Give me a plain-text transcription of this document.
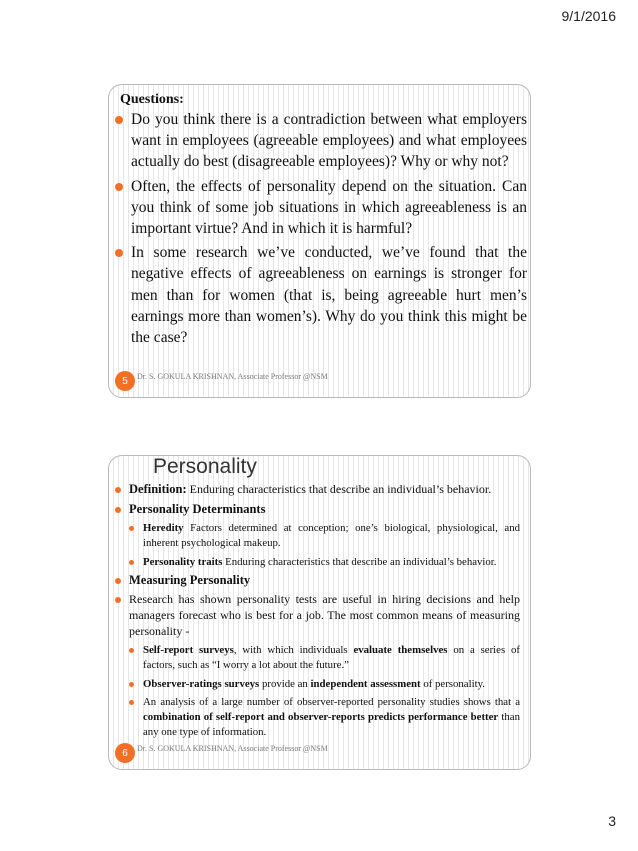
9/1/2016
Questions:
Do you think there is a contradiction between what employers want in employees (agreeable employees) and what employees actually do best (disagreeable employees)? Why or why not?
Often, the effects of personality depend on the situation. Can you think of some job situations in which agreeableness is an important virtue? And in which it is harmful?
In some research we’ve conducted, we’ve found that the negative effects of agreeableness on earnings is stronger for men than for women (that is, being agreeable hurt men’s earnings more than women’s). Why do you think this might be the case?
Dr. S. GOKULA KRISHNAN, Associate Professor @NSM
5
Personality
Definition: Enduring characteristics that describe an individual’s behavior.
Personality Determinants
Heredity Factors determined at conception; one’s biological, physiological, and inherent psychological makeup.
Personality traits Enduring characteristics that describe an individual’s behavior.
Measuring Personality
Research has shown personality tests are useful in hiring decisions and help managers forecast who is best for a job. The most common means of measuring personality -
Self-report surveys, with which individuals evaluate themselves on a series of factors, such as “I worry a lot about the future.”
Observer-ratings surveys provide an independent assessment of personality.
An analysis of a large number of observer-reported personality studies shows that a combination of self-report and observer-reports predicts performance better than any one type of information.
Dr. S. GOKULA KRISHNAN, Associate Professor @NSM
6
3
